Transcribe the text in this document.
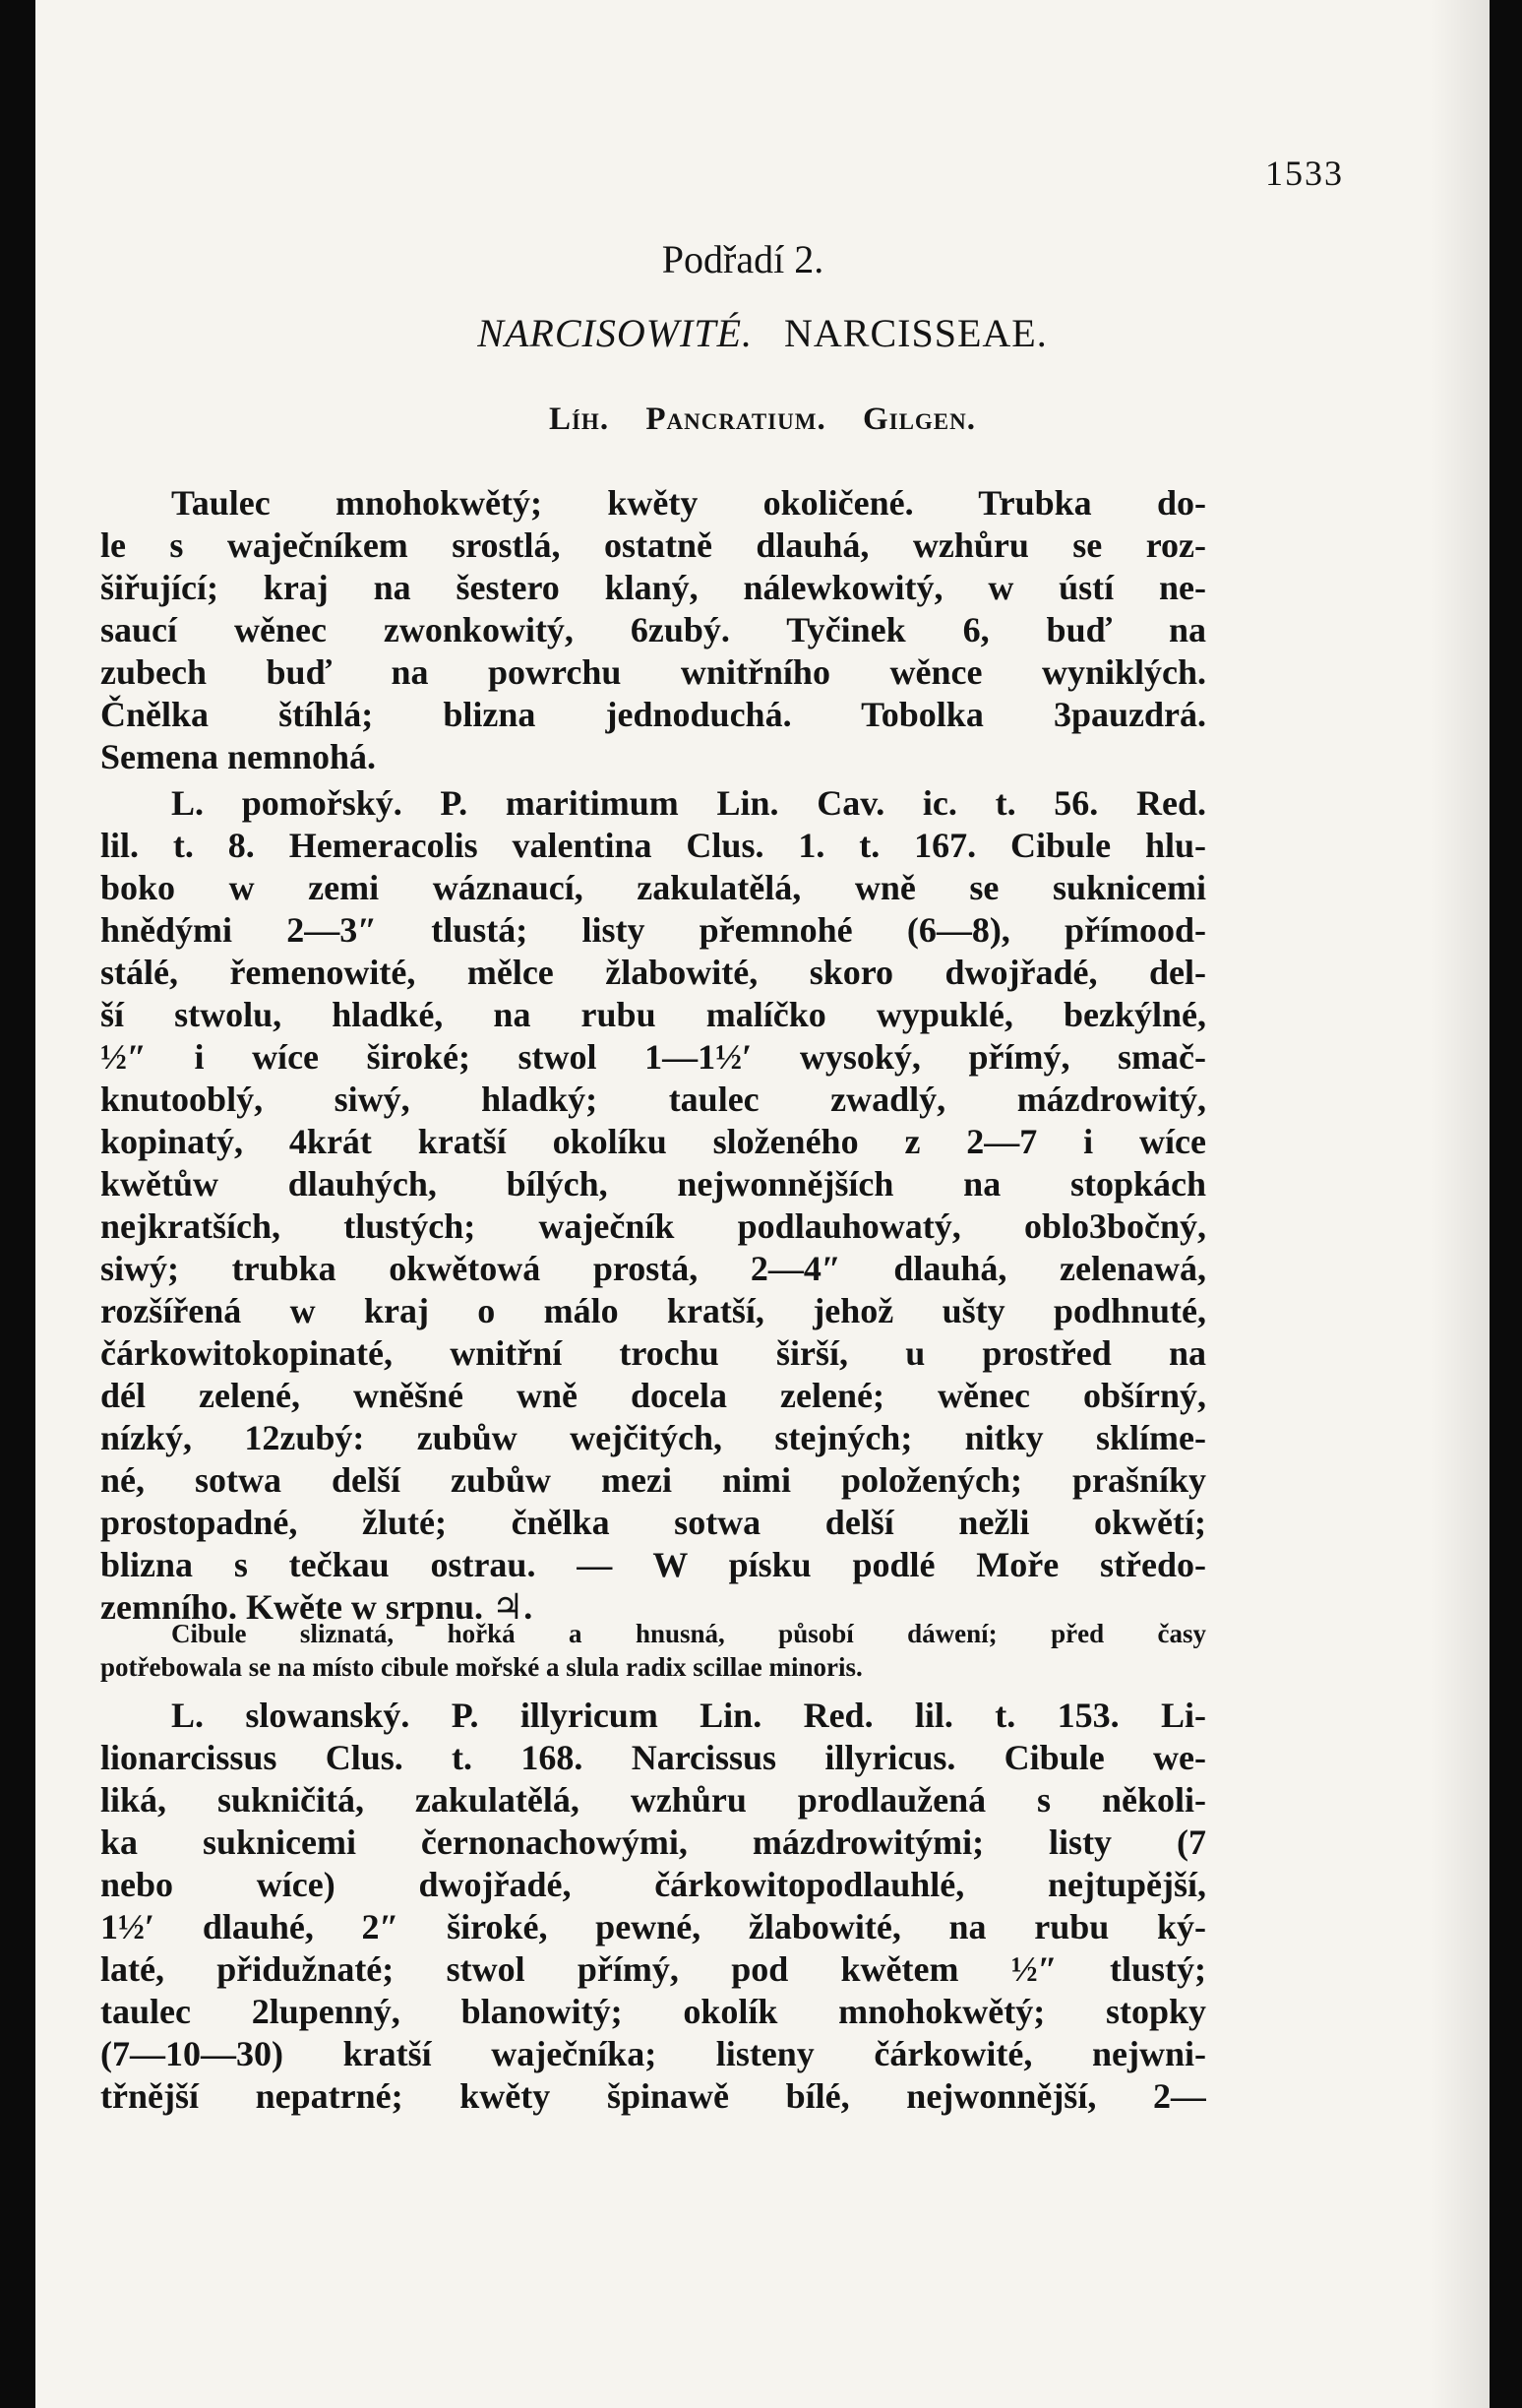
1533
Podřadí 2.
NARCISOWITÉ. NARCISSEAE.
Líh. Pancratium. Gilgen.
Taulec mnohokwětý; kwěty okoličené. Trubka do-
le s waječníkem srostlá, ostatně dlauhá, wzhůru se roz-
šiřující; kraj na šestero klaný, nálewkowitý, w ústí ne-
saucí wěnec zwonkowitý, 6zubý. Tyčinek 6, buď na
zubech buď na powrchu wnitřního wěnce wyniklých.
Čnělka štíhlá; blizna jednoduchá. Tobolka 3pauzdrá.
Semena nemnohá.
L. pomořský. P. maritimum Lin. Cav. ic. t. 56. Red.
lil. t. 8. Hemeracolis valentina Clus. 1. t. 167. Cibule hlu-
boko w zemi wáznaucí, zakulatělá, wně se suknicemi
hnědými 2—3″ tlustá; listy přemnohé (6—8), přímood-
stálé, řemenowité, mělce žlabowité, skoro dwojřadé, del-
ší stwolu, hladké, na rubu malíčko wypuklé, bezkýlné,
½″ i wíce široké; stwol 1—1½′ wysoký, přímý, smač-
knutooblý, siwý, hladký; taulec zwadlý, mázdrowitý,
kopinatý, 4krát kratší okolíku složeného z 2—7 i wíce
kwětůw dlauhých, bílých, nejwonnějších na stopkách
nejkratších, tlustých; waječník podlauhowatý, oblo3bočný,
siwý; trubka okwětowá prostá, 2—4″ dlauhá, zelenawá,
rozšířená w kraj o málo kratší, jehož ušty podhnuté,
čárkowitokopinaté, wnitřní trochu širší, u prostřed na
dél zelené, wněšné wně docela zelené; wěnec obšírný,
nízký, 12zubý: zubůw wejčitých, stejných; nitky sklíme-
né, sotwa delší zubůw mezi nimi položených; prašníky
prostopadné, žluté; čnělka sotwa delší nežli okwětí;
blizna s tečkau ostrau. — W písku podlé Moře středo-
zemního. Kwěte w srpnu. ♃.
Cibule sliznatá, hořká a hnusná, působí dáwení; před časy
potřebowala se na místo cibule mořské a slula radix scillae minoris.
L. slowanský. P. illyricum Lin. Red. lil. t. 153. Li-
lionarcissus Clus. t. 168. Narcissus illyricus. Cibule we-
liká, sukničitá, zakulatělá, wzhůru prodlaužená s několi-
ka suknicemi černonachowými, mázdrowitými; listy (7
nebo wíce) dwojřadé, čárkowitopodlauhlé, nejtupější,
1½′ dlauhé, 2″ široké, pewné, žlabowité, na rubu ký-
laté, přidužnaté; stwol přímý, pod kwětem ½″ tlustý;
taulec 2lupenný, blanowitý; okolík mnohokwětý; stopky
(7—10—30) kratší waječníka; listeny čárkowité, nejwni-
třnější nepatrné; kwěty špinawě bílé, nejwonnější, 2—
